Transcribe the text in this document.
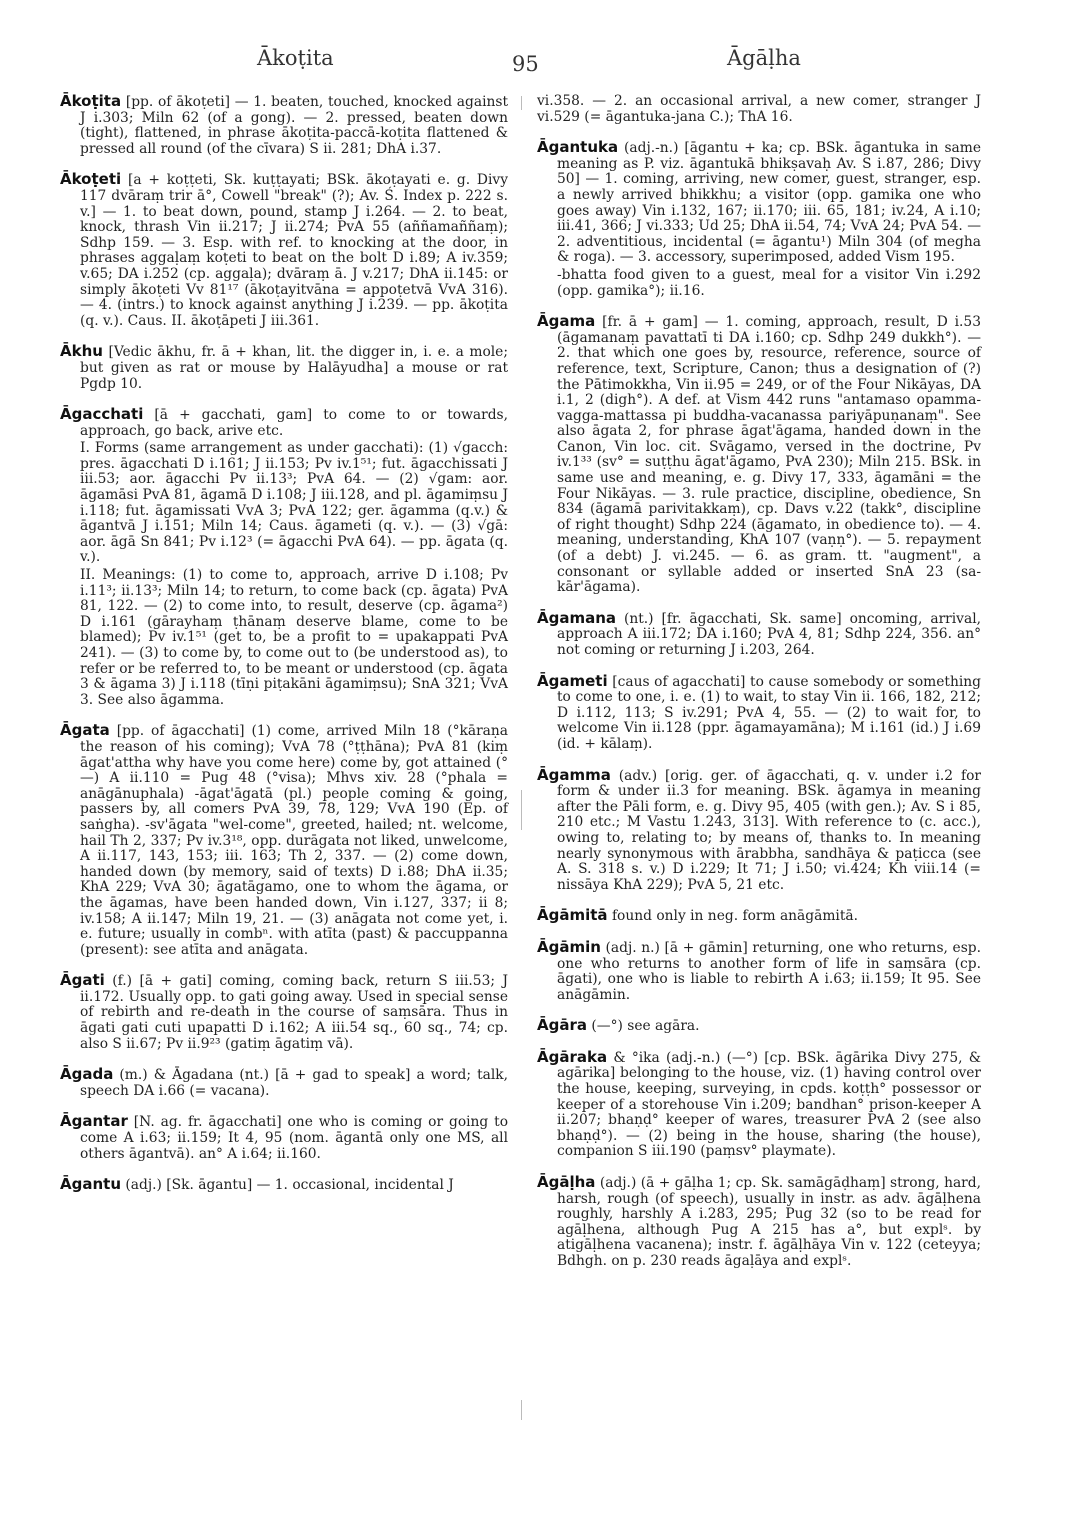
Ākoṭita	95	Āgāḷha
Ākoṭita [pp. of ākoṭeti] — 1. beaten, touched, knocked against J i.303; Miln 62 (of a gong). — 2. pressed, beaten down (tight), flattened, in phrase ākoṭita-paccā-koṭita flattened & pressed all round (of the cīvara) S ii. 281; DhA i.37.
Ākoṭeti [a + koṭṭeti, Sk. kuṭṭayati; BSk. ākoṭayati e. g. Divy 117 dvāraṃ trir ā°, Cowell "break" (?); Av. Ś. Index p. 222 s. v.] — 1. to beat down, pound, stamp J i.264. — 2. to beat, knock, thrash Vin ii.217; J ii.274; PvA 55 (aññamaññaṃ); Sdhp 159. — 3. Esp. with ref. to knocking at the door, in phrases aggaḷaṃ koṭeti to beat on the bolt D i.89; A iv.359; v.65; DA i.252 (cp. aggaḷa); dvāraṃ ā. J v.217; DhA ii.145: or simply ākoṭeti Vv 81¹⁷ (ākoṭayitvāna = appoṭetvā VvA 316). — 4. (intrs.) to knock against anything J i.239. — pp. ākoṭita (q. v.). Caus. II. ākoṭāpeti J iii.361.
Ākhu [Vedic ākhu, fr. ā + khan, lit. the digger in, i. e. a mole; but given as rat or mouse by Halāyudha] a mouse or rat Pgdp 10.
Āgacchati [ā + gacchati, gam] to come to or towards, approach, go back, arive etc.
I. Forms (same arrangement as under gacchati): (1) √gacch: pres. āgacchati D i.161; J ii.153; Pv iv.1⁵¹; fut. āgacchissati J iii.53; aor. āgacchi Pv ii.13³; PvA 64. — (2) √gam: aor. āgamāsi PvA 81, āgamā D i.108; J iii.128, and pl. āgamiṃsu J i.118; fut. āgamissati VvA 3; PvA 122; ger. āgamma (q.v.) & āgantvā J i.151; Miln 14; Caus. āgameti (q. v.). — (3) √gā: aor. āgā Sn 841; Pv i.12³ (= āgacchi PvA 64). — pp. āgata (q. v.).
II. Meanings: (1) to come to, approach, arrive D i.108; Pv i.11³; ii.13³; Miln 14; to return, to come back (cp. āgata) PvA 81, 122. — (2) to come into, to result, deserve (cp. āgama²) D i.161 (gārayhaṃ ṭhānaṃ deserve blame, come to be blamed); Pv iv.1⁵¹ (get to, be a profit to = upakappati PvA 241). — (3) to come by, to come out to (be understood as), to refer or be referred to, to be meant or understood (cp. āgata 3 & āgama 3) J i.118 (tīṇi piṭakāni āgamiṃsu); SnA 321; VvA 3. See also āgamma.
Āgata [pp. of āgacchati] (1) come, arrived Miln 18 (°kāraṇa the reason of his coming); VvA 78 (°ṭṭhāna); PvA 81 (kiṃ āgat'attha why have you come here) come by, got attained (°—) A ii.110 = Pug 48 (°visa); Mhvs xiv. 28 (°phala = anāgānuphala) -āgat'āgatā (pl.) people coming & going, passers by, all comers PvA 39, 78, 129; VvA 190 (Ep. of saṅgha). -sv'āgata "wel-come", greeted, hailed; nt. welcome, hail Th 2, 337; Pv iv.3¹⁸, opp. durāgata not liked, unwelcome, A ii.117, 143, 153; iii. 163; Th 2, 337. — (2) come down, handed down (by memory, said of texts) D i.88; DhA ii.35; KhA 229; VvA 30; āgatāgamo, one to whom the āgama, or the āgamas, have been handed down, Vin i.127, 337; ii 8; iv.158; A ii.147; Miln 19, 21. — (3) anāgata not come yet, i. e. future; usually in combⁿ. with atīta (past) & paccuppanna (present): see atīta and anāgata.
Āgati (f.) [ā + gati] coming, coming back, return S iii.53; J ii.172. Usually opp. to gati going away. Used in special sense of rebirth and re-death in the course of saṃsāra. Thus in āgati gati cuti upapatti D i.162; A iii.54 sq., 60 sq., 74; cp. also S ii.67; Pv ii.9²³ (gatiṃ āgatiṃ vā).
Āgada (m.) & Āgadana (nt.) [ā + gad to speak] a word; talk, speech DA i.66 (= vacana).
Āgantar [N. ag. fr. āgacchati] one who is coming or going to come A i.63; ii.159; It 4, 95 (nom. āgantā only one MS, all others āgantvā). an° A i.64; ii.160.
Āgantu (adj.) [Sk. āgantu] — 1. occasional, incidental J
vi.358. — 2. an occasional arrival, a new comer, stranger J vi.529 (= āgantuka-jana C.); ThA 16.
Āgantuka (adj.-n.) [āgantu + ka; cp. BSk. āgantuka in same meaning as P. viz. āgantukā bhikṣavaḥ Av. S i.87, 286; Divy 50] — 1. coming, arriving, new comer, guest, stranger, esp. a newly arrived bhikkhu; a visitor (opp. gamika one who goes away) Vin i.132, 167; ii.170; iii. 65, 181; iv.24, A i.10; iii.41, 366; J vi.333; Ud 25; DhA ii.54, 74; VvA 24; PvA 54. — 2. adventitious, incidental (= āgantu¹) Miln 304 (of megha & roga). — 3. accessory, superimposed, added Vism 195.
-bhatta food given to a guest, meal for a visitor Vin i.292 (opp. gamika°); ii.16.
Āgama [fr. ā + gam] — 1. coming, approach, result, D i.53 (āgamanaṃ pavattatī ti DA i.160; cp. Sdhp 249 dukkh°). — 2. that which one goes by, resource, reference, source of reference, text, Scripture, Canon; thus a designation of (?) the Pātimokkha, Vin ii.95 = 249, or of the Four Nikāyas, DA i.1, 2 (digh°). A def. at Vism 442 runs "antamaso opamma-vagga-mattassa pi buddha-vacanassa pariyāpuṇanaṃ". See also āgata 2, for phrase āgat'āgama, handed down in the Canon, Vin loc. cit. Svāgamo, versed in the doctrine, Pv iv.1³³ (sv° = suṭṭhu āgat'āgamo, PvA 230); Miln 215. BSk. in same use and meaning, e. g. Divy 17, 333, āgamāni = the Four Nikāyas. — 3. rule practice, discipline, obedience, Sn 834 (āgamā parivitakkaṃ), cp. Davs v.22 (takk°, discipline of right thought) Sdhp 224 (āgamato, in obedience to). — 4. meaning, understanding, KhA 107 (vaṇṇ°). — 5. repayment (of a debt) J. vi.245. — 6. as gram. tt. "augment", a consonant or syllable added or inserted SnA 23 (sa-kār'āgama).
Āgamana (nt.) [fr. āgacchati, Sk. same] oncoming, arrival, approach A iii.172; DA i.160; PvA 4, 81; Sdhp 224, 356. an° not coming or returning J i.203, 264.
Āgameti [caus of agacchati] to cause somebody or something to come to one, i. e. (1) to wait, to stay Vin ii. 166, 182, 212; D i.112, 113; S iv.291; PvA 4, 55. — (2) to wait for, to welcome Vin ii.128 (ppr. āgamayamāna); M i.161 (id.) J i.69 (id. + kālaṃ).
Āgamma (adv.) [orig. ger. of āgacchati, q. v. under i.2 for form & under ii.3 for meaning. BSk. āgamya in meaning after the Pāli form, e. g. Divy 95, 405 (with gen.); Av. S i 85, 210 etc.; M Vastu 1.243, 313]. With reference to (c. acc.), owing to, relating to; by means of, thanks to. In meaning nearly synonymous with ārabbha, sandhāya & paṭicca (see A. S. 318 s. v.) D i.229; It 71; J i.50; vi.424; Kh viii.14 (= nissāya KhA 229); PvA 5, 21 etc.
Āgāmitā found only in neg. form anāgāmitā.
Āgāmin (adj. n.) [ā + gāmin] returning, one who returns, esp. one who returns to another form of life in saṃsāra (cp. āgati), one who is liable to rebirth A i.63; ii.159; It 95. See anāgāmin.
Āgāra (—°) see agāra.
Āgāraka & °ika (adj.-n.) (—°) [cp. BSk. āgārika Divy 275, & agārika] belonging to the house, viz. (1) having control over the house, keeping, surveying, in cpds. koṭṭh° possessor or keeper of a storehouse Vin i.209; bandhan° prison-keeper A ii.207; bhaṇḍ° keeper of wares, treasurer PvA 2 (see also bhaṇḍ°). — (2) being in the house, sharing (the house), companion S iii.190 (paṃsv° playmate).
Āgāḷha (adj.) (ā + gāḷha 1; cp. Sk. samāgāḍhaṃ] strong, hard, harsh, rough (of speech), usually in instr. as adv. āgāḷhena roughly, harshly A i.283, 295; Pug 32 (so to be read for agāḷhena, although Pug A 215 has a°, but explˢ. by atigāḷhena vacanena); instr. f. āgāḷhāya Vin v. 122 (ceteyya; Bdhgh. on p. 230 reads āgaḷāya and explˢ.
